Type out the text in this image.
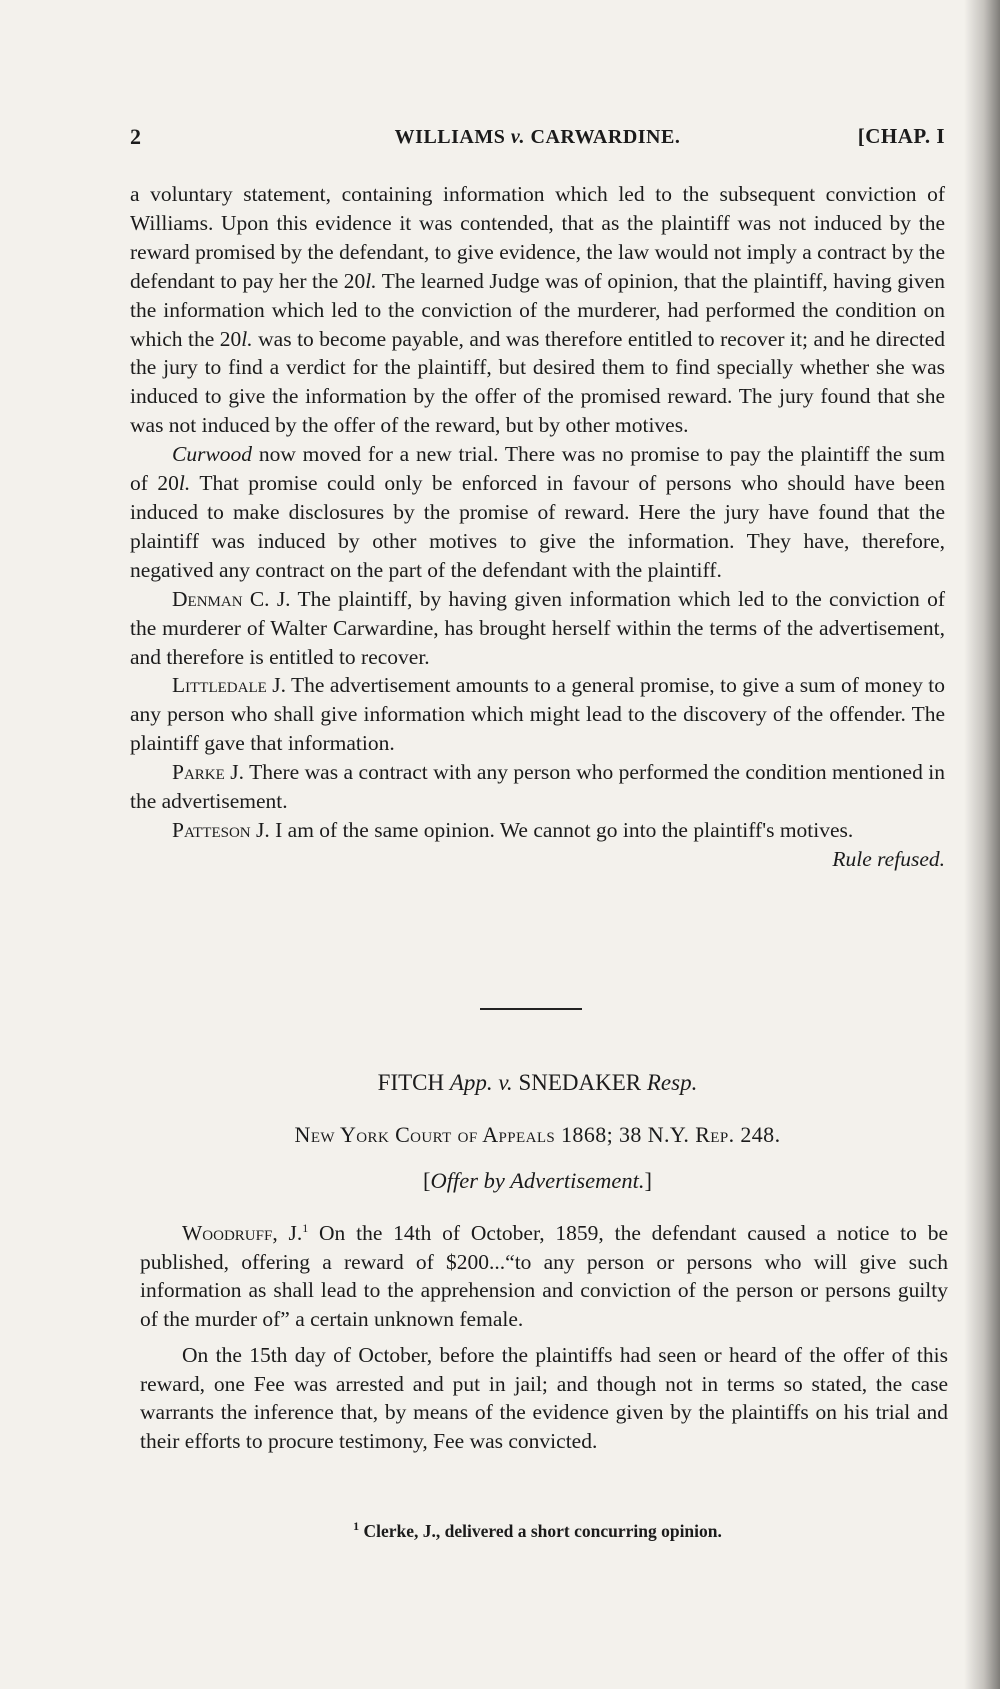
2	WILLIAMS v. CARWARDINE.	[CHAP. I

a voluntary statement, containing information which led to the subsequent conviction of Williams. Upon this evidence it was contended, that as the plaintiff was not induced by the reward promised by the defendant, to give evidence, the law would not imply a contract by the defendant to pay her the 20l. The learned Judge was of opinion, that the plaintiff, having given the information which led to the conviction of the murderer, had performed the condition on which the 20l. was to become payable, and was therefore entitled to recover it; and he directed the jury to find a verdict for the plaintiff, but desired them to find specially whether she was induced to give the information by the offer of the promised reward. The jury found that she was not induced by the offer of the reward, but by other motives.

Curwood now moved for a new trial. There was no promise to pay the plaintiff the sum of 20l. That promise could only be enforced in favour of persons who should have been induced to make disclosures by the promise of reward. Here the jury have found that the plaintiff was induced by other motives to give the information. They have, therefore, negatived any contract on the part of the defendant with the plaintiff.

Denman C. J. The plaintiff, by having given information which led to the conviction of the murderer of Walter Carwardine, has brought herself within the terms of the advertisement, and therefore is entitled to recover.

Littledale J. The advertisement amounts to a general promise, to give a sum of money to any person who shall give information which might lead to the discovery of the offender. The plaintiff gave that information.

Parke J. There was a contract with any person who performed the condition mentioned in the advertisement.

Patteson J. I am of the same opinion. We cannot go into the plaintiff's motives.
Rule refused.

FITCH App. v. SNEDAKER Resp.
New York Court of Appeals 1868; 38 N.Y. Rep. 248.
[Offer by Advertisement.]

Woodruff, J.$^1$ On the 14th of October, 1859, the defendant caused a notice to be published, offering a reward of $200...“to any person or persons who will give such information as shall lead to the apprehension and conviction of the person or persons guilty of the murder of” a certain unknown female.

On the 15th day of October, before the plaintiffs had seen or heard of the offer of this reward, one Fee was arrested and put in jail; and though not in terms so stated, the case warrants the inference that, by means of the evidence given by the plaintiffs on his trial and their efforts to procure testimony, Fee was convicted.

$^1$ Clerke, J., delivered a short concurring opinion.
